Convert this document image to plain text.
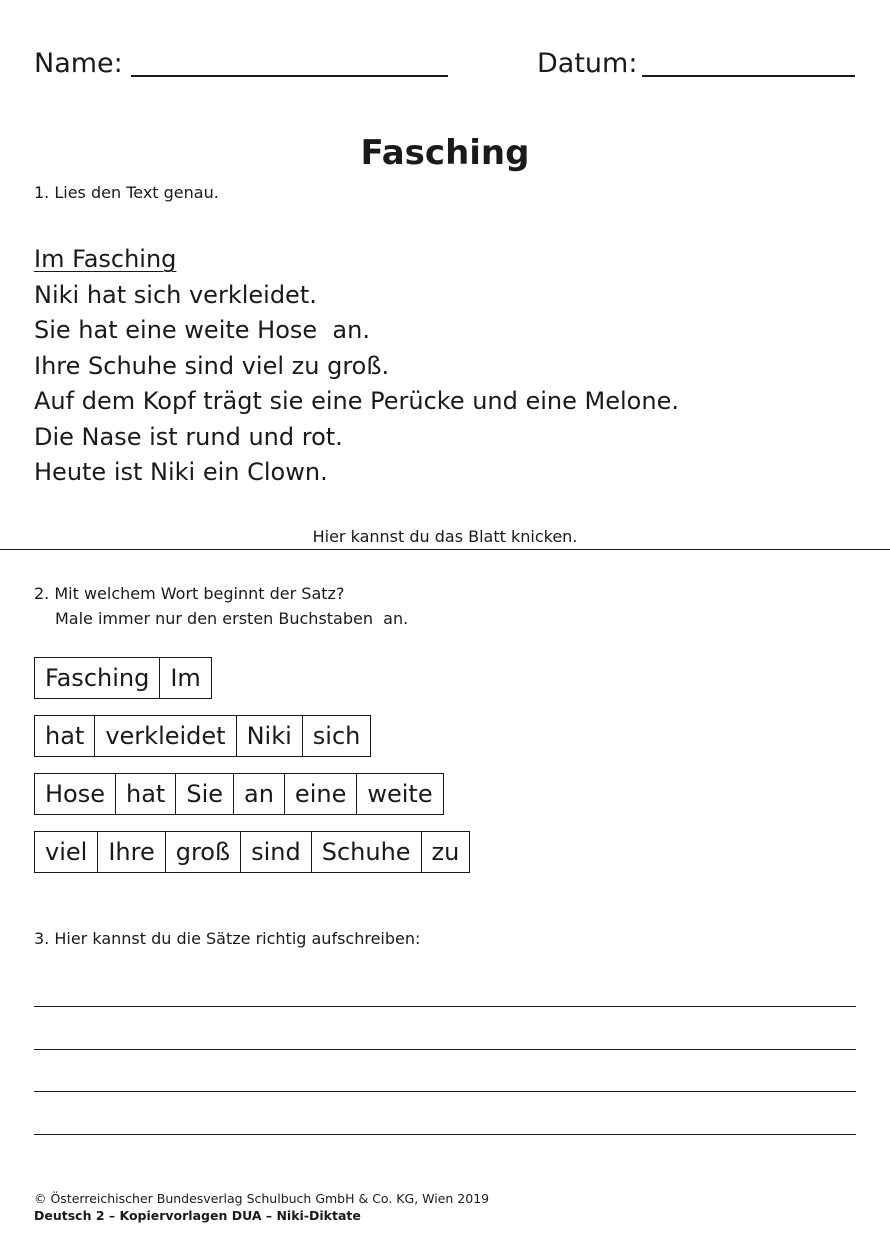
Name:	Datum:
Fasching
1. Lies den Text genau.
Im Fasching
Niki hat sich verkleidet.
Sie hat eine weite Hose  an.
Ihre Schuhe sind viel zu groß.
Auf dem Kopf trägt sie eine Perücke und eine Melone.
Die Nase ist rund und rot.
Heute ist Niki ein Clown.
Hier kannst du das Blatt knicken.
2. Mit welchem Wort beginnt der Satz?
Male immer nur den ersten Buchstaben  an.
Fasching Im
hat verkleidet Niki sich
Hose hat Sie an eine weite
viel Ihre groß sind Schuhe zu
3. Hier kannst du die Sätze richtig aufschreiben:
© Österreichischer Bundesverlag Schulbuch GmbH & Co. KG, Wien 2019
Deutsch 2 – Kopiervorlagen DUA – Niki-Diktate
